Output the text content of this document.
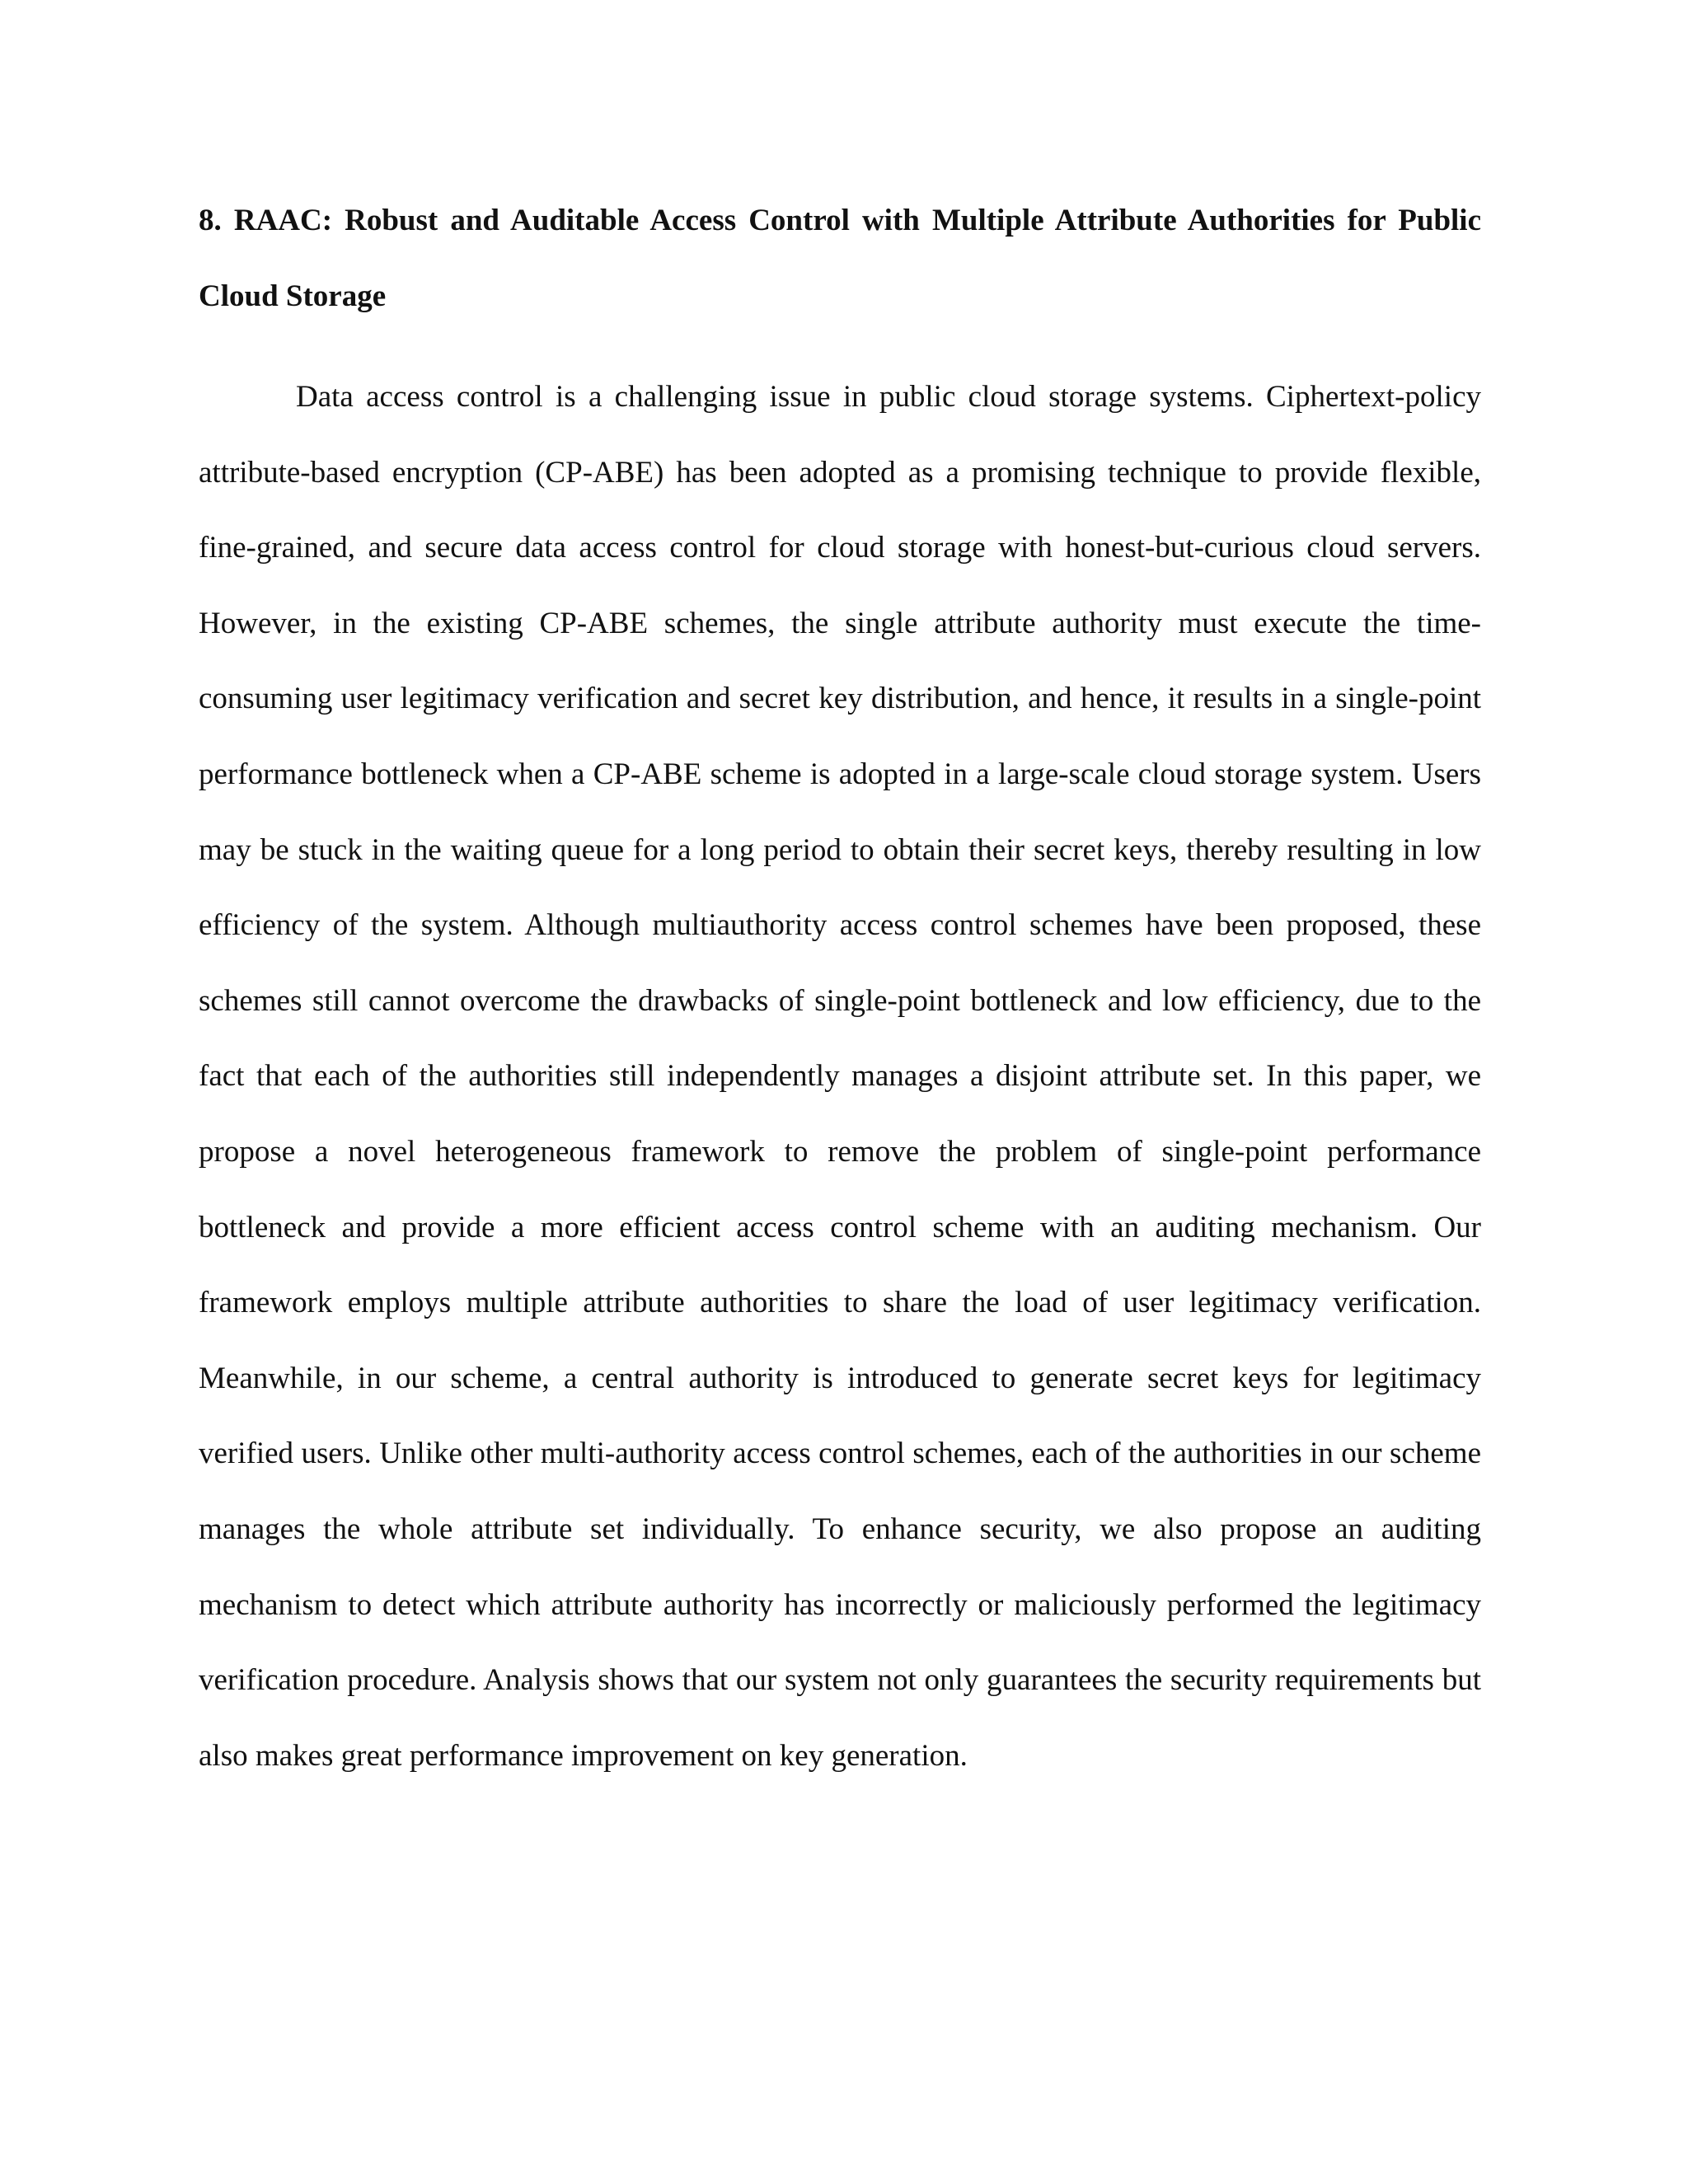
8. RAAC: Robust and Auditable Access Control with Multiple Attribute Authorities for Public Cloud Storage

Data access control is a challenging issue in public cloud storage systems. Ciphertext-policy attribute-based encryption (CP-ABE) has been adopted as a promising technique to provide flexible, fine-grained, and secure data access control for cloud storage with honest-but-curious cloud servers. However, in the existing CP-ABE schemes, the single attribute authority must execute the time-consuming user legitimacy verification and secret key distribution, and hence, it results in a single-point performance bottleneck when a CP-ABE scheme is adopted in a large-scale cloud storage system. Users may be stuck in the waiting queue for a long period to obtain their secret keys, thereby resulting in low efficiency of the system. Although multiauthority access control schemes have been proposed, these schemes still cannot overcome the drawbacks of single-point bottleneck and low efficiency, due to the fact that each of the authorities still independently manages a disjoint attribute set. In this paper, we propose a novel heterogeneous framework to remove the problem of single-point performance bottleneck and provide a more efficient access control scheme with an auditing mechanism. Our framework employs multiple attribute authorities to share the load of user legitimacy verification. Meanwhile, in our scheme, a central authority is introduced to generate secret keys for legitimacy verified users. Unlike other multi-authority access control schemes, each of the authorities in our scheme manages the whole attribute set individually. To enhance security, we also propose an auditing mechanism to detect which attribute authority has incorrectly or maliciously performed the legitimacy verification procedure. Analysis shows that our system not only guarantees the security requirements but also makes great performance improvement on key generation.
